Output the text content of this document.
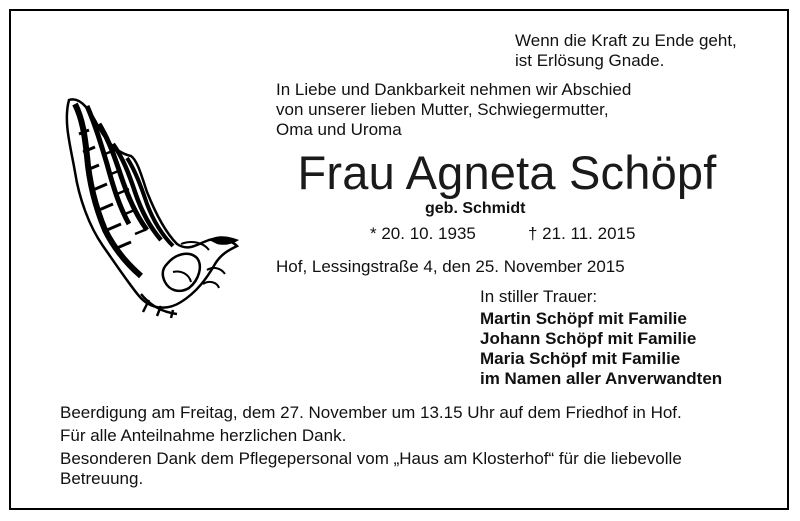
Wenn die Kraft zu Ende geht,
ist Erlösung Gnade.
In Liebe und Dankbarkeit nehmen wir Abschied
von unserer lieben Mutter, Schwiegermutter,
Oma und Uroma
Frau Agneta Schöpf
geb. Schmidt
* 20. 10. 1935	† 21. 11. 2015
Hof, Lessingstraße 4, den 25. November 2015
In stiller Trauer:
Martin Schöpf mit Familie
Johann Schöpf mit Familie
Maria Schöpf mit Familie
im Namen aller Anverwandten
Beerdigung am Freitag, dem 27. November um 13.15 Uhr auf dem Friedhof in Hof.
Für alle Anteilnahme herzlichen Dank.
Besonderen Dank dem Pflegepersonal vom „Haus am Klosterhof“ für die liebevolle
Betreuung.
